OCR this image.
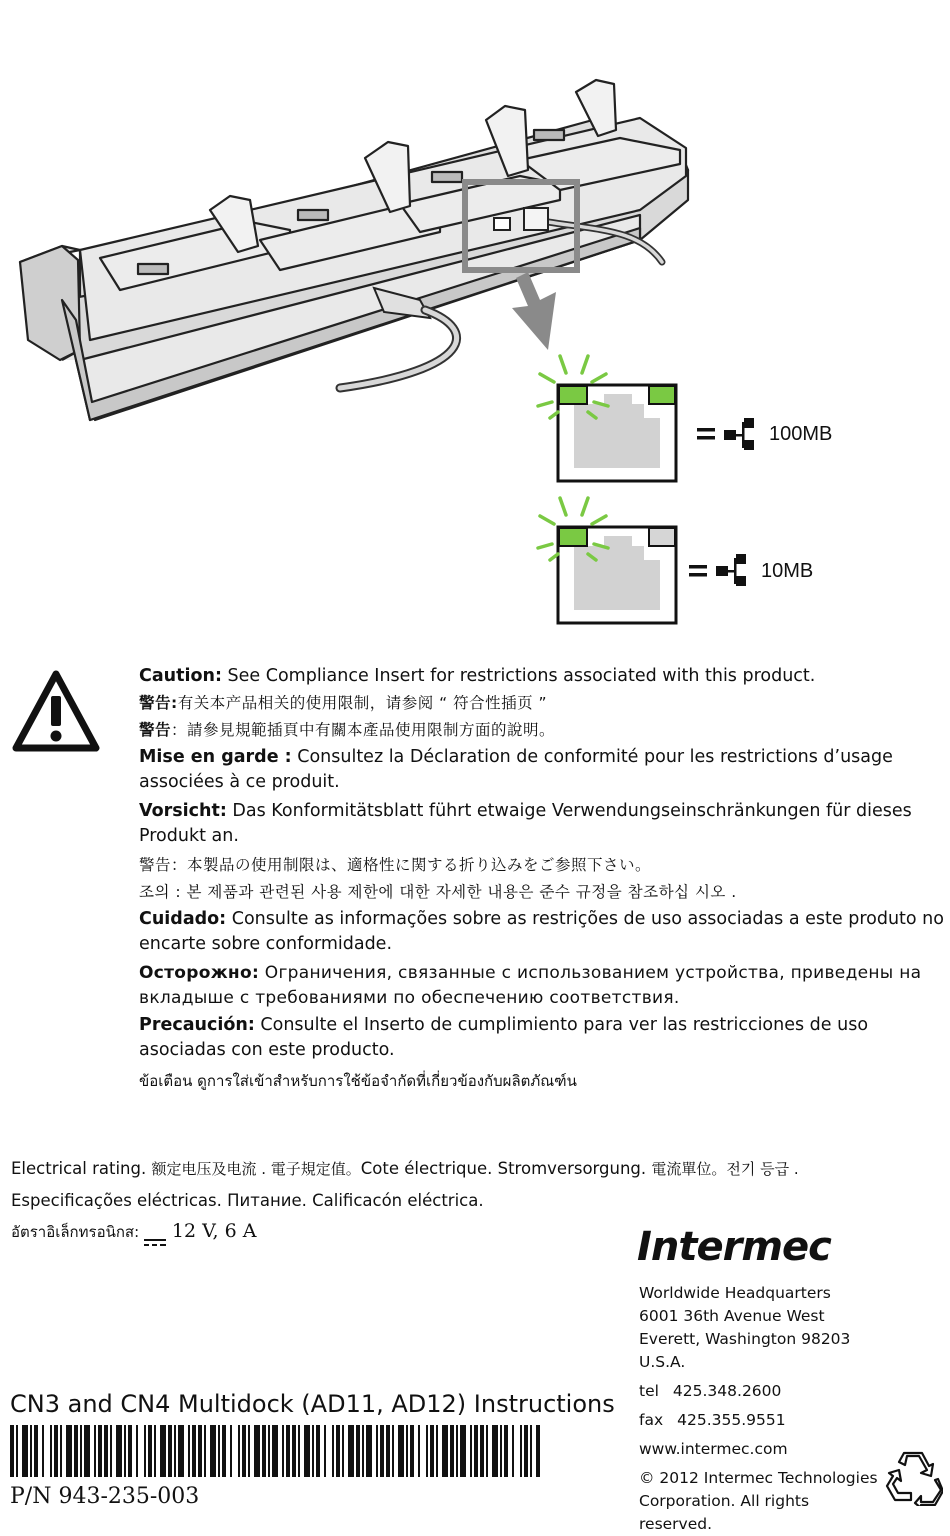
100MB
10MB

Caution: See Compliance Insert for restrictions associated with this product.

警告:有关本产品相关的使用限制，请参阅 “ 符合性插页 ”

警告：請參見規範插頁中有關本產品使用限制方面的說明。

Mise en garde : Consultez la Déclaration de conformité pour les restrictions d’usage associées à ce produit.

Vorsicht: Das Konformitätsblatt führt etwaige Verwendungseinschränkungen für dieses Produkt an.

警告：本製品の使用制限は、適格性に関する折り込みをご参照下さい。

조의 : 본 제품과 관련된 사용 제한에 대한 자세한 내용은 준수 규정을 참조하십 시오 .

Cuidado: Consulte as informações sobre as restrições de uso associadas a este produto no encarte sobre conformidade.

Осторожно: Ограничения, связанные с использованием устройства, приведены на вкладыше с требованиями по обеспечению соответствия.

Precaución: Consulte el Inserto de cumplimiento para ver las restricciones de uso asociadas con este producto.

ข้อเตือน ดูการใส่เข้าสำหรับการใช้ข้อจำกัดที่เกี่ยวข้องกับผลิตภัณฑ์น

Electrical rating. 额定电压及电流 . 電子規定值。Cote électrique. Stromversorgung. 電流單位。전기 등급 .
Especificações eléctricas. Питание. Calificacón eléctrica.
อัตราอิเล็กทรอนิกส: 12 V, 6 A	Intermec
Worldwide Headquarters
6001 36th Avenue West
Everett, Washington 98203
U.S.A.
tel 425.348.2600
fax 425.355.9551
www.intermec.com
© 2012 Intermec Technologies
Corporation. All rights reserved.
CN3 and CN4 Multidock (AD11, AD12) Instructions
P/N 943-235-003
